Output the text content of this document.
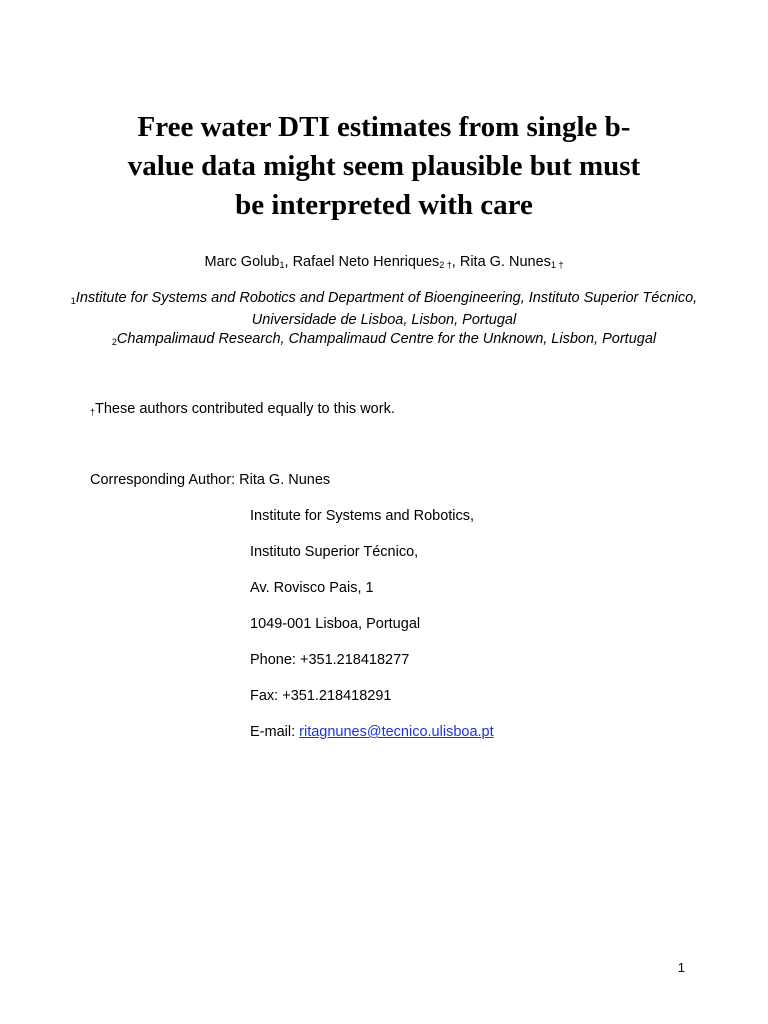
Free water DTI estimates from single b-
value data might seem plausible but must
be interpreted with care
Marc Golub$_1$, Rafael Neto Henriques$_{2 \dagger}$, Rita G. Nunes$_{1 \dagger}$
1Institute for Systems and Robotics and Department of Bioengineering, Instituto Superior Técnico, Universidade de Lisboa, Lisbon, Portugal
2Champalimaud Research, Champalimaud Centre for the Unknown, Lisbon, Portugal
$_\dagger$These authors contributed equally to this work.
Corresponding Author: Rita G. Nunes
Institute for Systems and Robotics,
Instituto Superior Técnico,
Av. Rovisco Pais, 1
1049-001 Lisboa, Portugal
Phone: +351.218418277
Fax: +351.218418291
E-mail: ritagnunes@tecnico.ulisboa.pt
1
